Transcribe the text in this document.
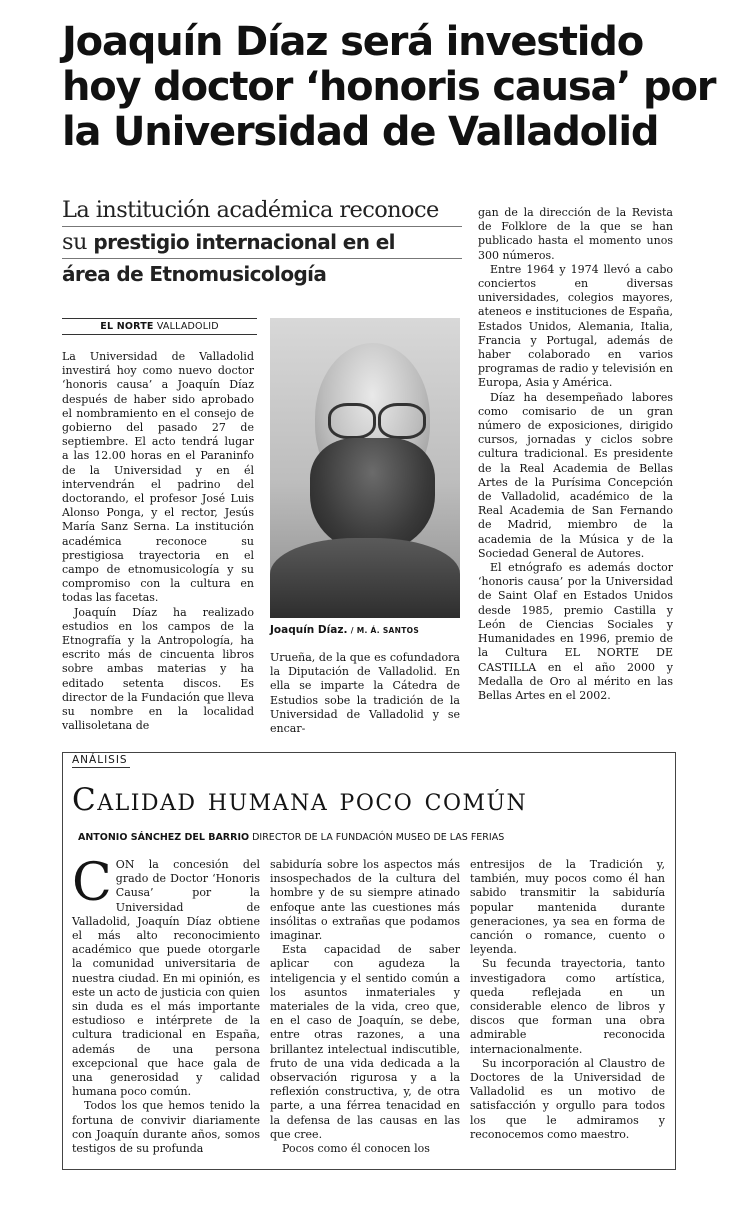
Joaquín Díaz será investido
hoy doctor ‘honoris causa’ por
la Universidad de Valladolid
La institución académica reconoce
su prestigio internacional en el
área de Etnomusicología
EL NORTE VALLADOLID

La Universidad de Valladolid investirá hoy como nuevo doctor ‘honoris causa’ a Joaquín Díaz después de haber sido aprobado el nombramiento en el consejo de gobierno del pasado 27 de septiembre. El acto tendrá lugar a las 12.00 horas en el Paraninfo de la Universidad y en él intervendrán el padrino del doctorando, el profesor José Luis Alonso Ponga, y el rector, Jesús María Sanz Serna. La institución académica reconoce su prestigiosa trayectoria en el campo de etnomusicología y su compromiso con la cultura en todas las facetas.

Joaquín Díaz ha realizado estudios en los campos de la Etnografía y la Antropología, ha escrito más de cincuenta libros sobre ambas materias y ha editado setenta discos. Es director de la Fundación que lleva su nombre en la localidad vallisoletana de

Joaquín Díaz. / M. Á. SANTOS

Urueña, de la que es cofundadora la Diputación de Valladolid. En ella se imparte la Cátedra de Estudios sobe la tradición de la Universidad de Valladolid y se encar-

gan de la dirección de la Revista de Folklore de la que se han publicado hasta el momento unos 300 números.

Entre 1964 y 1974 llevó a cabo conciertos en diversas universidades, colegios mayores, ateneos e instituciones de España, Estados Unidos, Alemania, Italia, Francia y Portugal, además de haber colaborado en varios programas de radio y televisión en Europa, Asia y América.

Díaz ha desempeñado labores como comisario de un gran número de exposiciones, dirigido cursos, jornadas y ciclos sobre cultura tradicional. Es presidente de la Real Academia de Bellas Artes de la Purísima Concepción de Valladolid, académico de la Real Academia de San Fernando de Madrid, miembro de la academia de la Música y de la Sociedad General de Autores.

El etnógrafo es además doctor ‘honoris causa’ por la Universidad de Saint Olaf en Estados Unidos desde 1985, premio Castilla y León de Ciencias Sociales y Humanidades en 1996, premio de la Cultura EL NORTE DE CASTILLA en el año 2000 y Medalla de Oro al mérito en las Bellas Artes en el 2002.

ANÁLISIS
Calidad humana poco común
ANTONIO SÁNCHEZ DEL BARRIO DIRECTOR DE LA FUNDACIÓN MUSEO DE LAS FERIAS

CON la concesión del grado de Doctor ‘Honoris Causa’ por la Universidad de Valladolid, Joaquín Díaz obtiene el más alto reconocimiento académico que puede otorgarle la comunidad universitaria de nuestra ciudad. En mi opinión, es este un acto de justicia con quien sin duda es el más importante estudioso e intérprete de la cultura tradicional en España, además de una persona excepcional que hace gala de una generosidad y calidad humana poco común.

Todos los que hemos tenido la fortuna de convivir diariamente con Joaquín durante años, somos testigos de su profunda

sabiduría sobre los aspectos más insospechados de la cultura del hombre y de su siempre atinado enfoque ante las cuestiones más insólitas o extrañas que podamos imaginar.

Esta capacidad de saber aplicar con agudeza la inteligencia y el sentido común a los asuntos inmateriales y materiales de la vida, creo que, en el caso de Joaquín, se debe, entre otras razones, a una brillantez intelectual indiscutible, fruto de una vida dedicada a la observación rigurosa y a la reflexión constructiva, y, de otra parte, a una férrea tenacidad en la defensa de las causas en las que cree.

Pocos como él conocen los

entresijos de la Tradición y, también, muy pocos como él han sabido transmitir la sabiduría popular mantenida durante generaciones, ya sea en forma de canción o romance, cuento o leyenda.

Su fecunda trayectoria, tanto investigadora como artística, queda reflejada en un considerable elenco de libros y discos que forman una obra admirable reconocida internacionalmente.

Su incorporación al Claustro de Doctores de la Universidad de Valladolid es un motivo de satisfacción y orgullo para todos los que le admiramos y reconocemos como maestro.
